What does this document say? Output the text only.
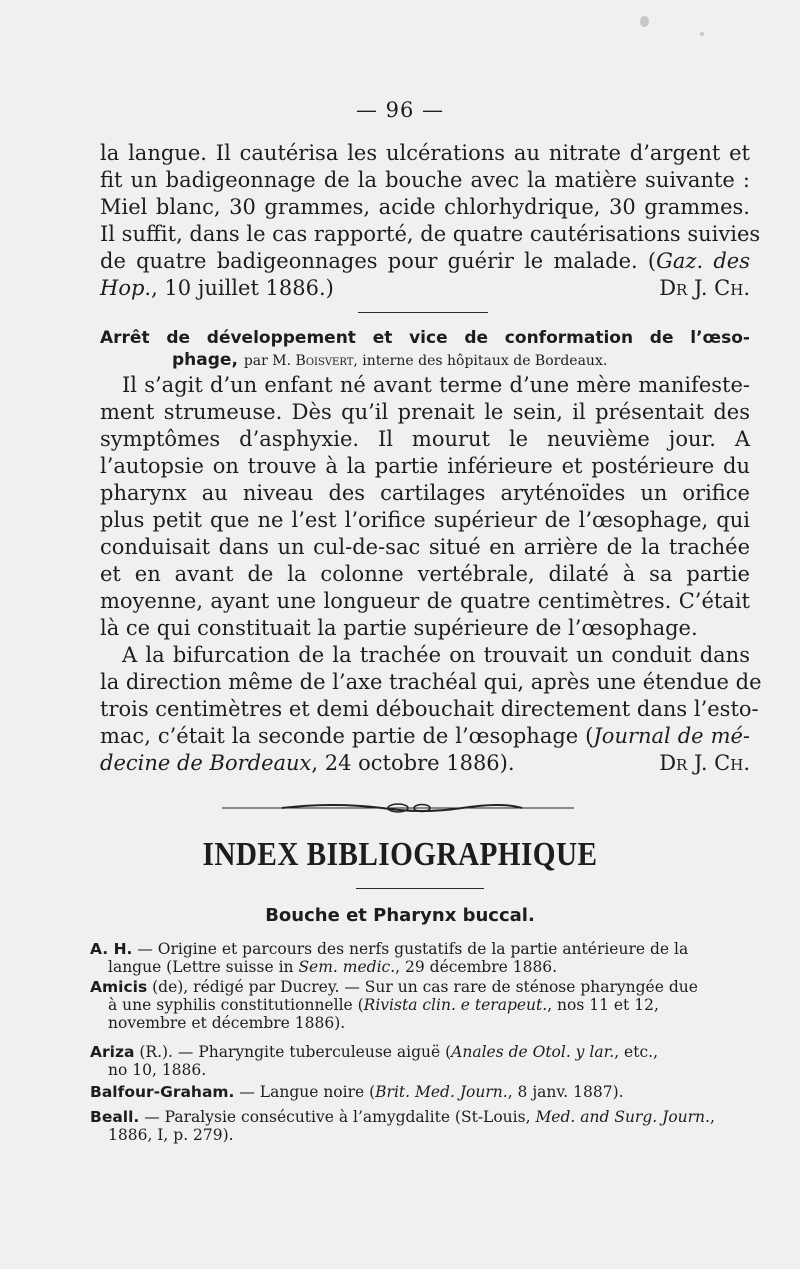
— 96 —
la langue. Il cautérisa les ulcérations au nitrate d’argent et
fit un badigeonnage de la bouche avec la matière suivante :
Miel blanc, 30 grammes, acide chlorhydrique, 30 grammes.
Il suffit, dans le cas rapporté, de quatre cautérisations suivies
de quatre badigeonnages pour guérir le malade. (Gaz. des
Hop., 10 juillet 1886.)	Dr J. Ch.
Arrêt de développement et vice de conformation de l’œso-
phage, par M. Boisvert, interne des hôpitaux de Bordeaux.
Il s’agit d’un enfant né avant terme d’une mère manifeste-
ment strumeuse. Dès qu’il prenait le sein, il présentait des
symptômes d’asphyxie. Il mourut le neuvième jour. A
l’autopsie on trouve à la partie inférieure et postérieure du
pharynx au niveau des cartilages aryténoïdes un orifice
plus petit que ne l’est l’orifice supérieur de l’œsophage, qui
conduisait dans un cul-de-sac situé en arrière de la trachée
et en avant de la colonne vertébrale, dilaté à sa partie
moyenne, ayant une longueur de quatre centimètres. C’était
là ce qui constituait la partie supérieure de l’œsophage.
A la bifurcation de la trachée on trouvait un conduit dans
la direction même de l’axe trachéal qui, après une étendue de
trois centimètres et demi débouchait directement dans l’esto-
mac, c’était la seconde partie de l’œsophage (Journal de mé-
decine de Bordeaux, 24 octobre 1886).	Dr J. Ch.
INDEX BIBLIOGRAPHIQUE
Bouche et Pharynx buccal.
A. H. — Origine et parcours des nerfs gustatifs de la partie antérieure de la
langue (Lettre suisse in Sem. medic., 29 décembre 1886.
Amicis (de), rédigé par Ducrey. — Sur un cas rare de sténose pharyngée due
à une syphilis constitutionnelle (Rivista clin. e terapeut., nos 11 et 12,
novembre et décembre 1886).
Ariza (R.). — Pharyngite tuberculeuse aiguë (Anales de Otol. y lar., etc.,
no 10, 1886.
Balfour-Graham. — Langue noire (Brit. Med. Journ., 8 janv. 1887).
Beall. — Paralysie consécutive à l’amygdalite (St-Louis, Med. and Surg. Journ.,
1886, I, p. 279).
